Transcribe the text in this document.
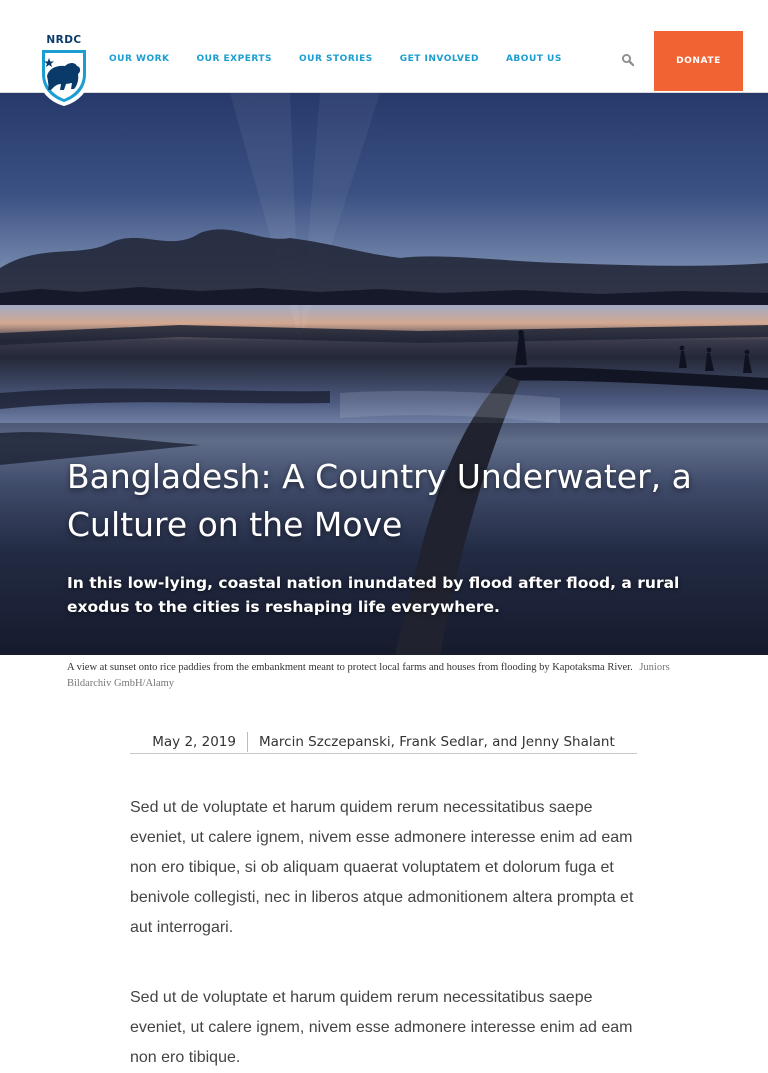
OUR WORK	OUR EXPERTS	OUR STORIES	GET INVOLVED	ABOUT US	DONATE
NRDC
Bangladesh: A Country Underwater, a Culture on the Move

In this low-lying, coastal nation inundated by flood after flood, a rural exodus to the cities is reshaping life everywhere.

A view at sunset onto rice paddies from the embankment meant to protect local farms and houses from flooding by Kapotaksma River. Juniors Bildarchiv GmbH/Alamy
May 2, 2019 Marcin Szczepanski, Frank Sedlar, and Jenny Shalant

Sed ut de voluptate et harum quidem rerum necessitatibus saepe eveniet, ut calere ignem, nivem esse admonere interesse enim ad eam non ero tibique, si ob aliquam quaerat voluptatem et dolorum fuga et benivole collegisti, nec in liberos atque admonitionem altera prompta et aut interrogari.

Sed ut de voluptate et harum quidem rerum necessitatibus saepe eveniet, ut calere ignem, nivem esse admonere interesse enim ad eam non ero tibique.
